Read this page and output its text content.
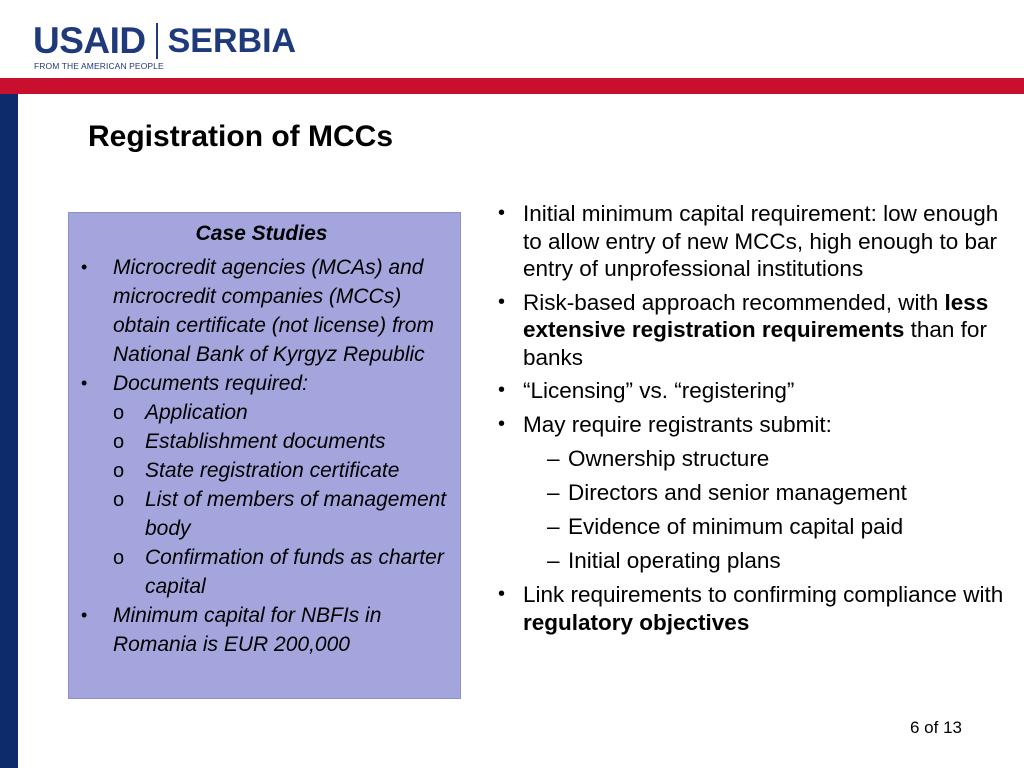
USAID SERBIA
FROM THE AMERICAN PEOPLE
Registration of MCCs
Case Studies
• Microcredit agencies (MCAs) and microcredit companies (MCCs) obtain certificate (not license) from National Bank of Kyrgyz Republic
• Documents required:
o Application
o Establishment documents
o State registration certificate
o List of members of management body
o Confirmation of funds as charter capital
• Minimum capital for NBFIs in Romania is EUR 200,000
• Initial minimum capital requirement: low enough to allow entry of new MCCs, high enough to bar entry of unprofessional institutions
• Risk-based approach recommended, with less extensive registration requirements than for banks
• “Licensing” vs. “registering”
• May require registrants submit:
– Ownership structure
– Directors and senior management
– Evidence of minimum capital paid
– Initial operating plans
• Link requirements to confirming compliance with regulatory objectives
6 of 13
